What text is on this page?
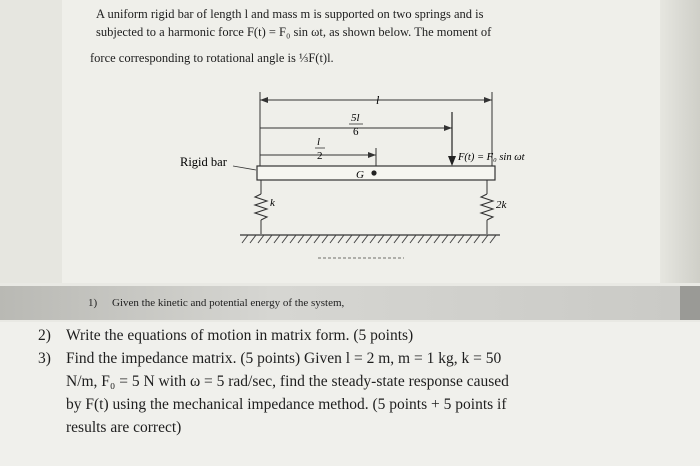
A uniform rigid bar of length l and mass m is supported on two springs and is
subjected to a harmonic force F(t) = F₀ sin ωt, as shown below. The moment of
force corresponding to rotational angle is ⅓F(t)l.
l
5l
6
l
2	F(t) = F₀ sin ωt
G
Rigid bar
k	2k
1) Given the kinetic and potential energy of the system,
2) Write the equations of motion in matrix form. (5 points)
3) Find the impedance matrix. (5 points) Given l = 2 m, m = 1 kg, k = 50
N/m, F₀ = 5 N with ω = 5 rad/sec, find the steady-state response caused
by F(t) using the mechanical impedance method. (5 points + 5 points if
results are correct)
